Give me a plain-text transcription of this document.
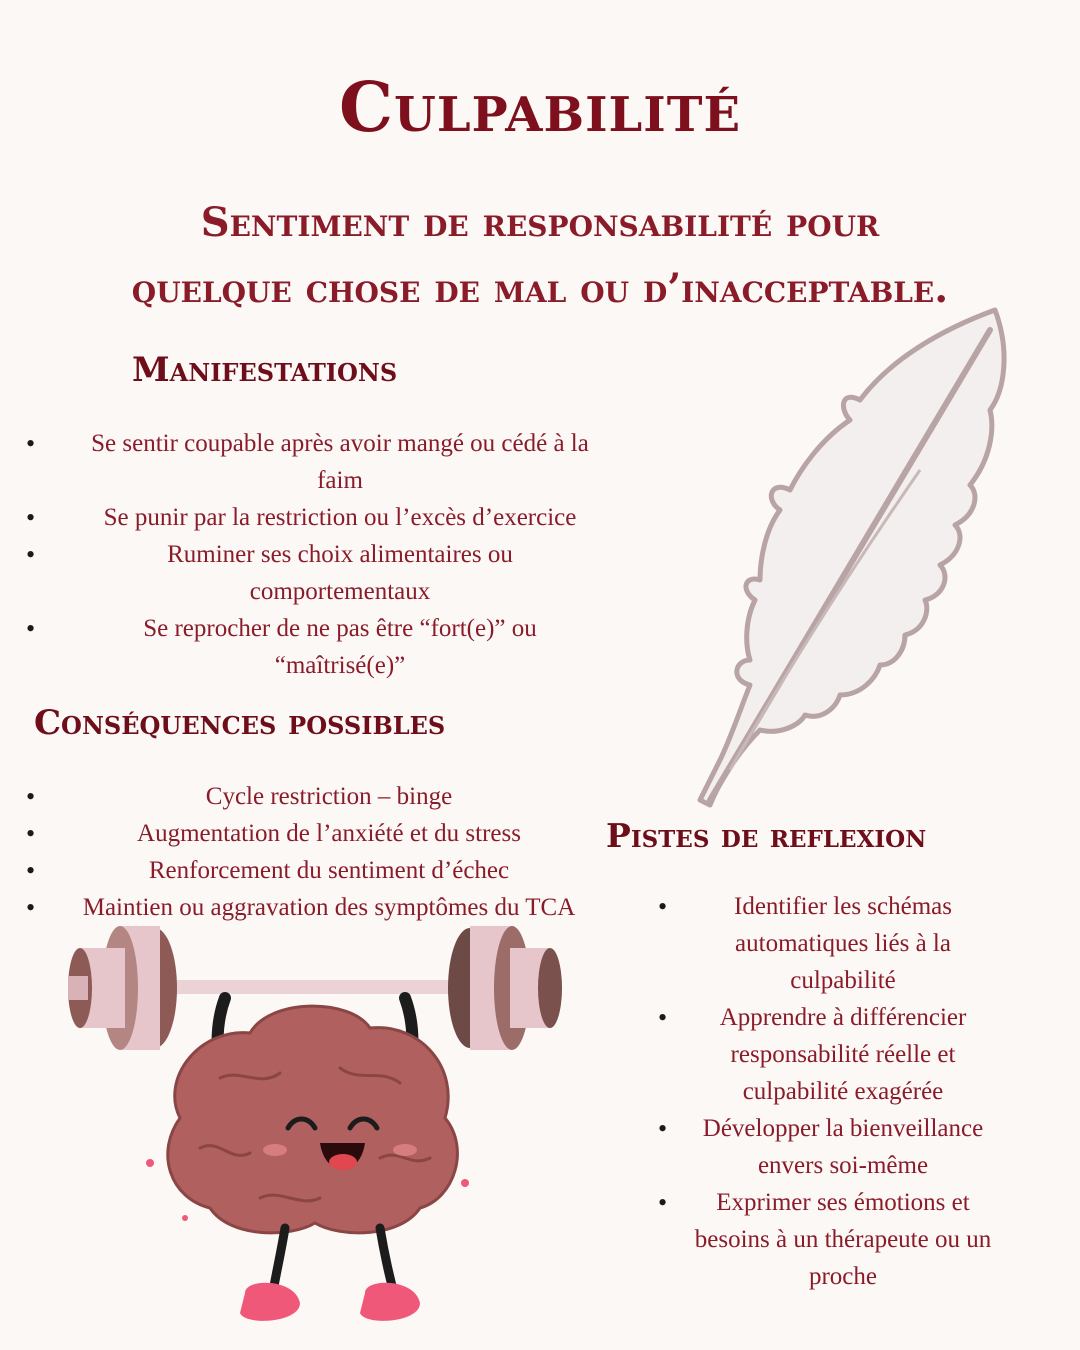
Culpabilité
Sentiment de responsabilité pour
quelque chose de mal ou d’inacceptable.
Manifestations
• Se sentir coupable après avoir mangé ou cédé à la faim
• Se punir par la restriction ou l’excès d’exercice
• Ruminer ses choix alimentaires ou comportementaux
• Se reprocher de ne pas être “fort(e)” ou “maîtrisé(e)”
Conséquences possibles
• Cycle restriction – binge
• Augmentation de l’anxiété et du stress
• Renforcement du sentiment d’échec
• Maintien ou aggravation des symptômes du TCA
Pistes de reflexion
• Identifier les schémas automatiques liés à la culpabilité
• Apprendre à différencier responsabilité réelle et culpabilité exagérée
• Développer la bienveillance envers soi-même
• Exprimer ses émotions et besoins à un thérapeute ou un proche
